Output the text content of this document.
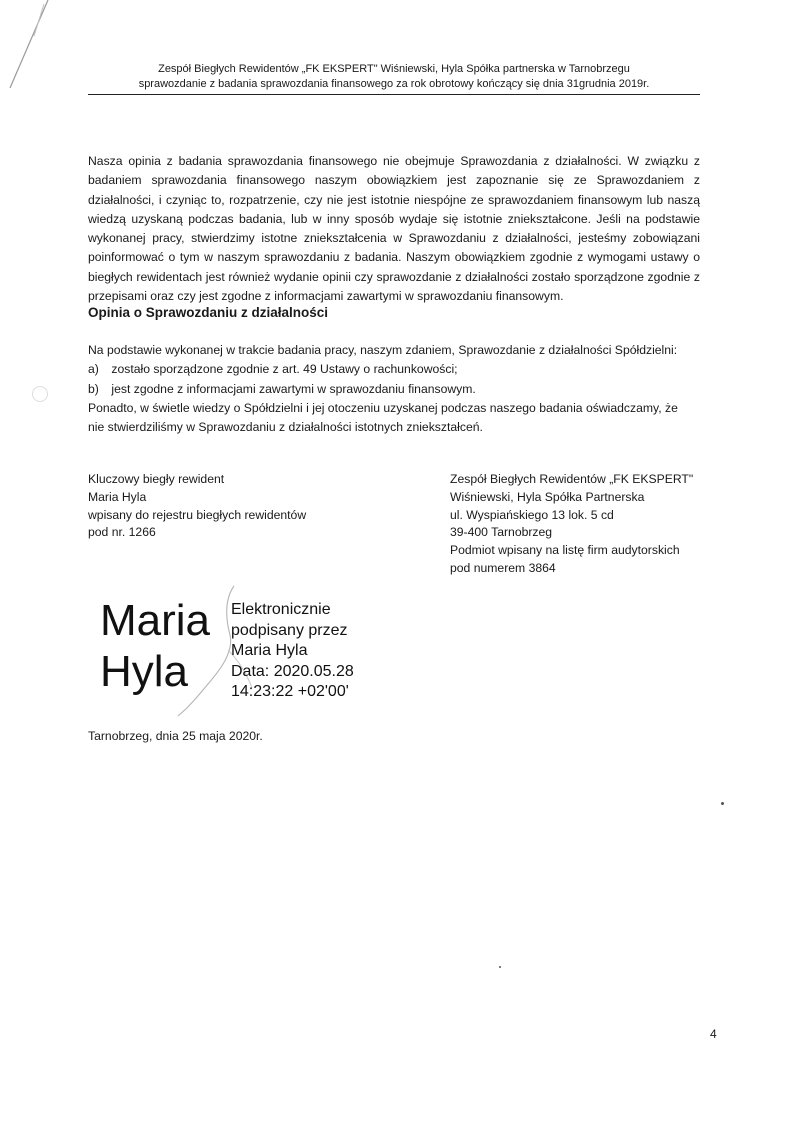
Zespół Biegłych Rewidentów „FK EKSPERT" Wiśniewski, Hyla Spółka partnerska w Tarnobrzegu
sprawozdanie z badania sprawozdania finansowego za rok obrotowy kończący się dnia 31grudnia 2019r.

Nasza opinia z badania sprawozdania finansowego nie obejmuje Sprawozdania z działalności. W związku z badaniem sprawozdania finansowego naszym obowiązkiem jest zapoznanie się ze Sprawozdaniem z działalności, i czyniąc to, rozpatrzenie, czy nie jest istotnie niespójne ze sprawozdaniem finansowym lub naszą wiedzą uzyskaną podczas badania, lub w inny sposób wydaje się istotnie zniekształcone. Jeśli na podstawie wykonanej pracy, stwierdzimy istotne zniekształcenia w Sprawozdaniu z działalności, jesteśmy zobowiązani poinformować o tym w naszym sprawozdaniu z badania. Naszym obowiązkiem zgodnie z wymogami ustawy o biegłych rewidentach jest również wydanie opinii czy sprawozdanie z działalności zostało sporządzone zgodnie z przepisami oraz czy jest zgodne z informacjami zawartymi w sprawozdaniu finansowym.

Opinia o Sprawozdaniu z działalności
Na podstawie wykonanej w trakcie badania pracy, naszym zdaniem, Sprawozdanie z działalności Spółdzielni:
a) zostało sporządzone zgodnie z art. 49 Ustawy o rachunkowości;
b) jest zgodne z informacjami zawartymi w sprawozdaniu finansowym.
Ponadto, w świetle wiedzy o Spółdzielni i jej otoczeniu uzyskanej podczas naszego badania oświadczamy, że
nie stwierdziliśmy w Sprawozdaniu z działalności istotnych zniekształceń.
Kluczowy biegły rewident
Maria Hyla
wpisany do rejestru biegłych rewidentów
pod nr. 1266
Zespół Biegłych Rewidentów „FK EKSPERT"
Wiśniewski, Hyla Spółka Partnerska
ul. Wyspiańskiego 13 lok. 5 cd
39-400 Tarnobrzeg
Podmiot wpisany na listę firm audytorskich
pod numerem 3864
Maria
Hyla
Elektronicznie
podpisany przez
Maria Hyla
Data: 2020.05.28
14:23:22 +02'00'
Tarnobrzeg, dnia 25 maja 2020r.
4
